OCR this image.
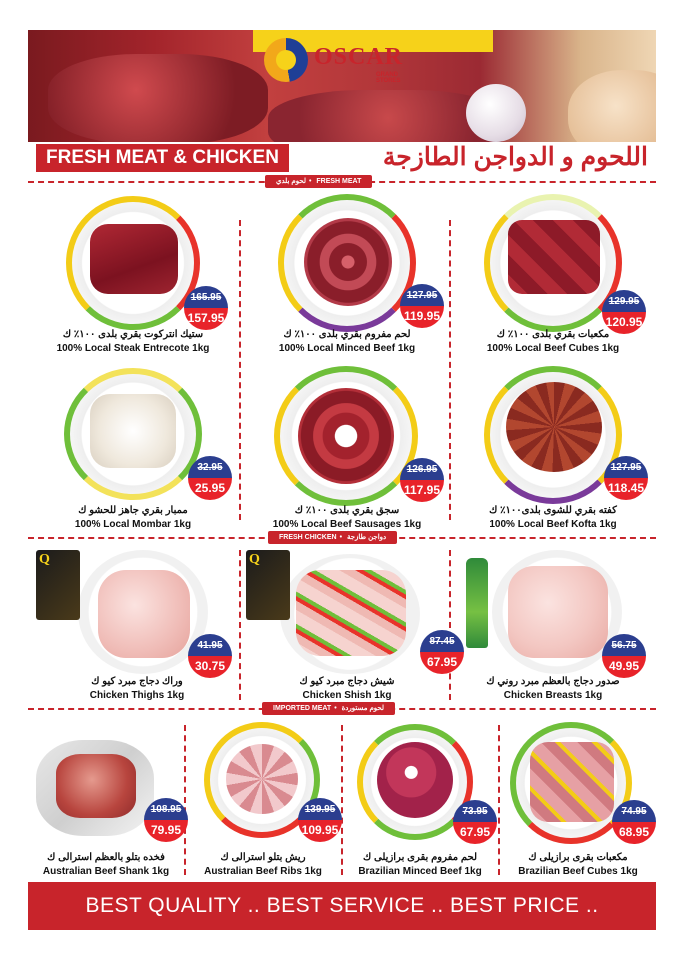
OSCAR
GRAND STORES
FRESH MEAT & CHICKEN	اللحوم و الدواجن الطازجة
لحوم بلدي • FRESH MEAT
165.95
157.95
ستيك انتركوت بقري بلدى ١٠٠٪ ك
100% Local Steak Entrecote 1kg
127.95
119.95
لحم مفروم بقري بلدى ١٠٠٪ ك
100% Local Minced Beef 1kg
129.95
120.95
مكعبات بقري بلدى ١٠٠٪ ك
100% Local Beef Cubes 1kg
32.95
25.95
ممبار بقري جاهز للحشو ك
100% Local Mombar 1kg
126.95
117.95
سجق بقري بلدى ١٠٠٪ ك
100% Local Beef Sausages 1kg
127.95
118.45
كفته بقري للشوى بلدى١٠٠٪ ك
100% Local Beef Kofta 1kg
FRESH CHICKEN • دواجن طازجة
Q
41.95
30.75
وراك دجاج مبرد كيو ك
Chicken Thighs 1kg
Q
87.45
67.95
شيش دجاج مبرد كيو ك
Chicken Shish 1kg
56.75
49.95
صدور دجاج بالعظم مبرد روني ك
Chicken Breasts 1kg
IMPORTED MEAT • لحوم مستوردة
108.95
79.95
فخده بتلو بالعظم استرالى ك
Australian Beef Shank 1kg
139.95
109.95
ريش بتلو استرالى ك
Australian Beef Ribs 1kg
73.95
67.95
لحم مفروم بقرى برازيلى ك
Brazilian Minced Beef 1kg
74.95
68.95
مكعبات بقرى برازيلى ك
Brazilian Beef Cubes 1kg
BEST QUALITY .. BEST SERVICE .. BEST PRICE ..
